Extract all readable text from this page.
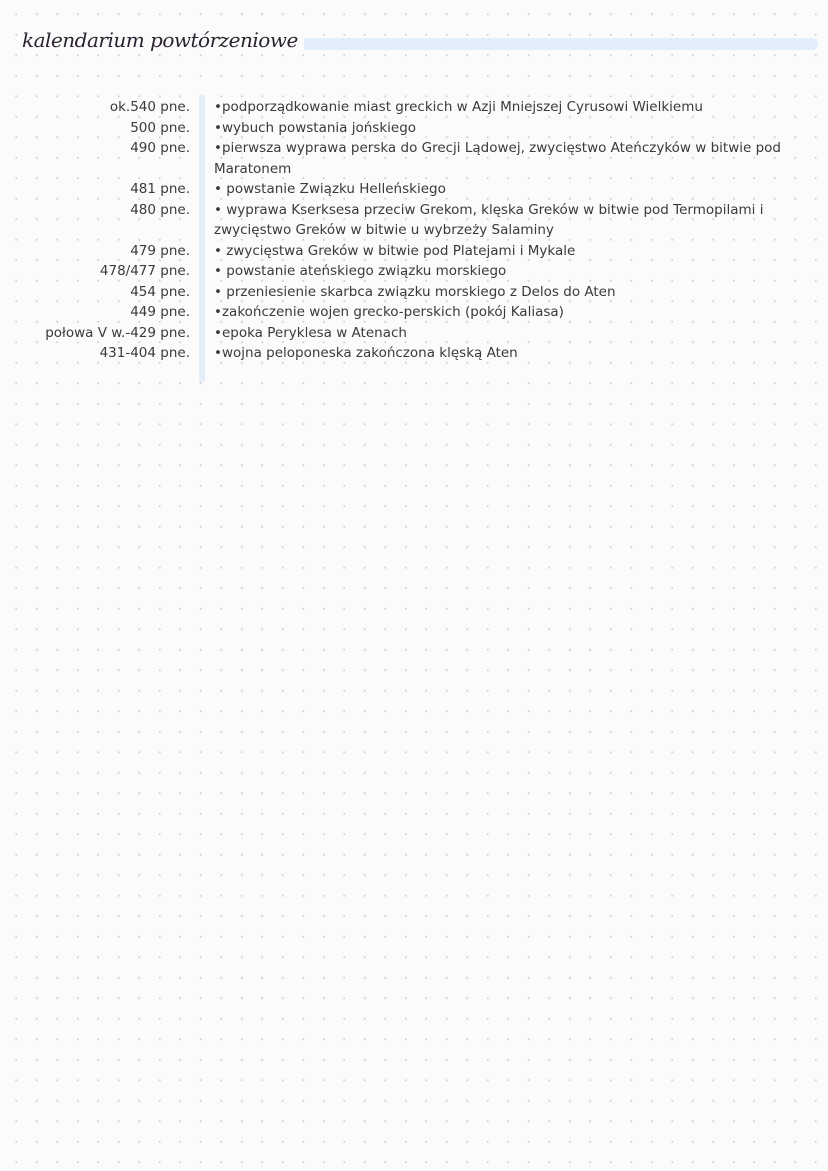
kalendarium powtórzeniowe
ok.540 pne. •podporządkowanie miast greckich w Azji Mniejszej Cyrusowi Wielkiemu
500 pne. •wybuch powstania jońskiego
490 pne. •pierwsza wyprawa perska do Grecji Lądowej, zwycięstwo Ateńczyków w bitwie pod Maratonem
481 pne. • powstanie Związku Helleńskiego
480 pne. • wyprawa Kserksesa przeciw Grekom, klęska Greków w bitwie pod Termopilami i zwycięstwo Greków w bitwie u wybrzeży Salaminy
479 pne. • zwycięstwa Greków w bitwie pod Platejami i Mykale
478/477 pne. • powstanie ateńskiego związku morskiego
454 pne. • przeniesienie skarbca związku morskiego z Delos do Aten
449 pne. •zakończenie wojen grecko-perskich (pokój Kaliasa)
połowa V w.-429 pne. •epoka Peryklesa w Atenach
431-404 pne. •wojna peloponeska zakończona klęską Aten
